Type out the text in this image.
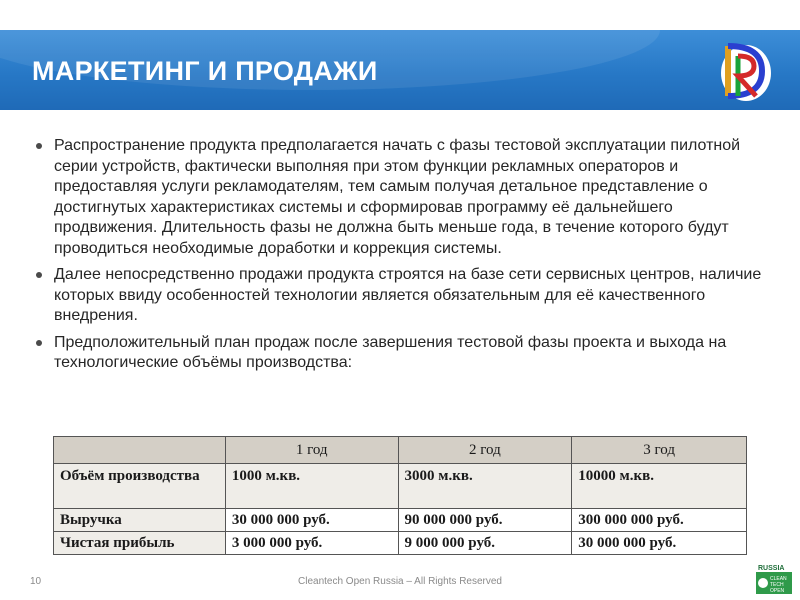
МАРКЕТИНГ И ПРОДАЖИ
Распространение продукта предполагается начать с фазы тестовой эксплуатации пилотной серии устройств, фактически выполняя при этом функции рекламных операторов и предоставляя услуги рекламодателям, тем самым получая детальное представление о достигнутых характеристиках системы и сформировав программу её дальнейшего продвижения. Длительность фазы не должна быть меньше года, в течение которого будут проводиться необходимые доработки и коррекция системы.
Далее непосредственно продажи продукта строятся на базе сети сервисных центров, наличие которых ввиду особенностей технологии является обязательным для её качественного внедрения.
Предположительный план продаж после завершения тестовой фазы проекта и выхода на технологические объёмы производства:
	1 год	2 год	3 год
Объём производства	1000 м.кв.	3000 м.кв.	10000 м.кв.
Выручка	30 000 000 руб.	90 000 000 руб.	300 000 000 руб.
Чистая прибыль	3 000 000 руб.	9 000 000 руб.	30 000 000 руб.
10	Cleantech Open Russia – All Rights Reserved
RUSSIA
CLEAN
TECH
OPEN
